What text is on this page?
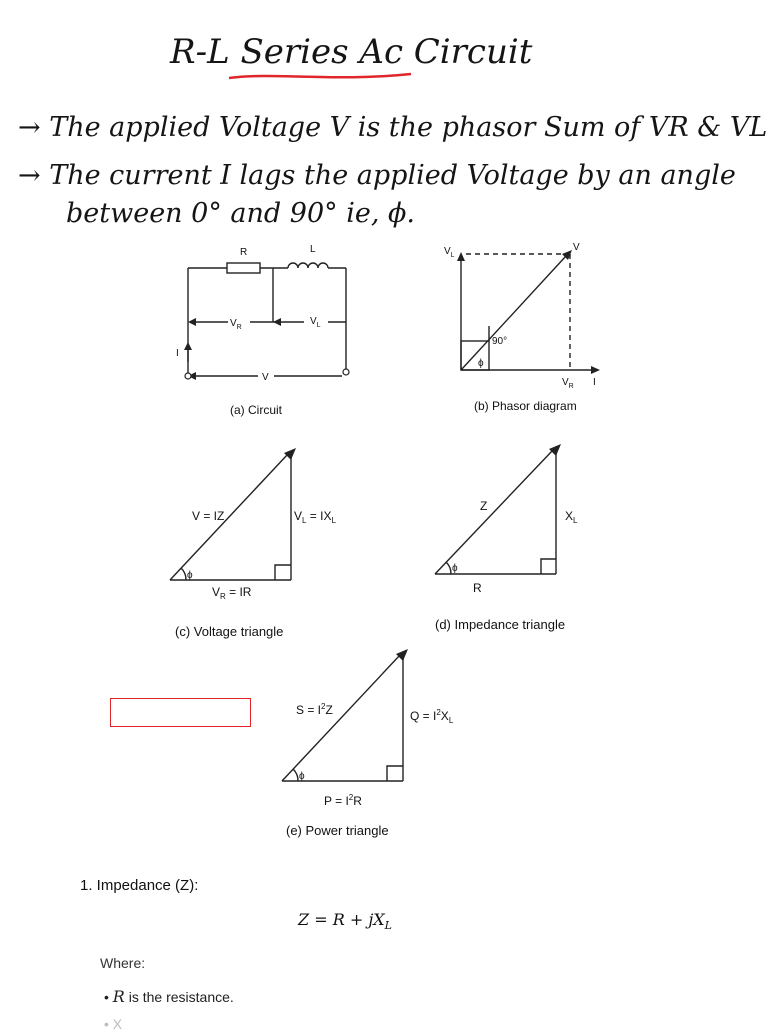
R-L Series Ac Circuit
→ The applied Voltage V is the phasor Sum of VR & VL
→ The current I lags the applied Voltage by an angle
between 0° and 90° ie, ϕ.
R	L
$V_R$
$V_L$
V
I
(a) Circuit
$V_L$
V
90°
ϕ
$V_R$ I
(b) Phasor diagram
ϕ
V = IZ	$V_L = IX_L$
$V_R$ = IR
(c) Voltage triangle
ϕ
Z
$X_L$
R
(d) Impedance triangle
ϕ
$S = I^2Z$	$Q = I^2X_L$
$P = I^2R$
(e) Power triangle
1. Impedance (Z):
$Z = R + jX_L$
Where:
• R is the resistance.
• X
